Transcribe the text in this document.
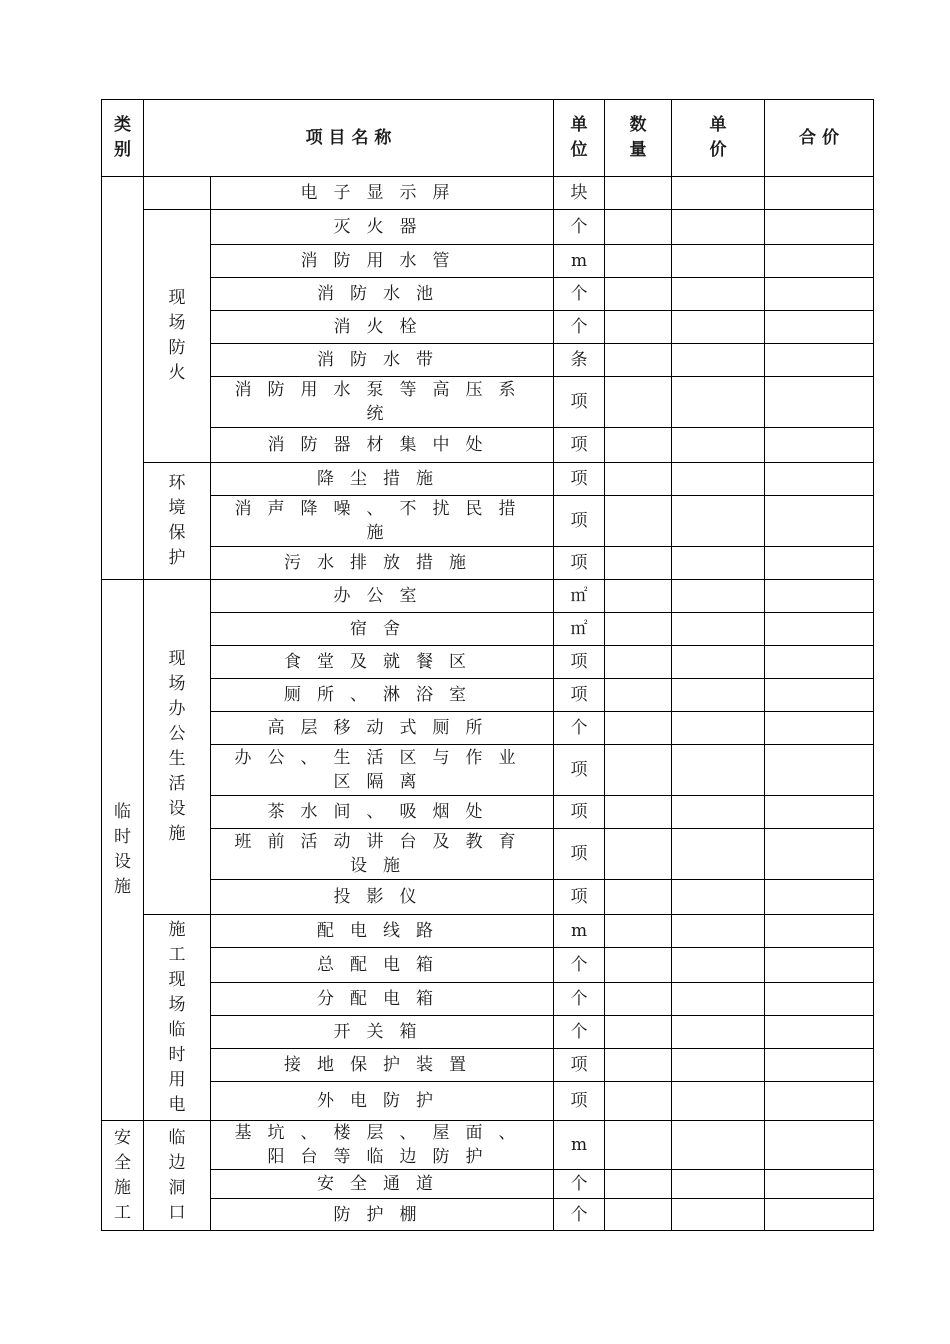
类别	项 目 名 称		单位	数量	单价	合 价
		电子显示屏	块			
	现场防火	灭火器	个			
		消防用水管	m			
		消防水池	个			
		消火栓	个			
		消防水带	条			
		消防用水泵等高压系统	项			
		消防器材集中处	项			
	环境保护	降尘措施	项			
		消声降噪、不扰民措施	项			
		污水排放措施	项			
临时设施	现场办公生活设施	办公室	㎡			
		宿舍	㎡			
		食堂及就餐区	项			
		厕所、淋浴室	项			
		高层移动式厕所	个			
		办公、生活区与作业区隔离	项			
		茶水间、吸烟处	项			
		班前活动讲台及教育设施	项			
		投影仪	项			
	施工现场临时用电	配电线路	m			
		总配电箱	个			
		分配电箱	个			
		开关箱	个			
		接地保护装置	项			
		外电防护	项			
安全施工	临边洞口	基坑、楼层、屋面、阳台等临边防护	m			
		安全通道	个			
		防护棚	个			
